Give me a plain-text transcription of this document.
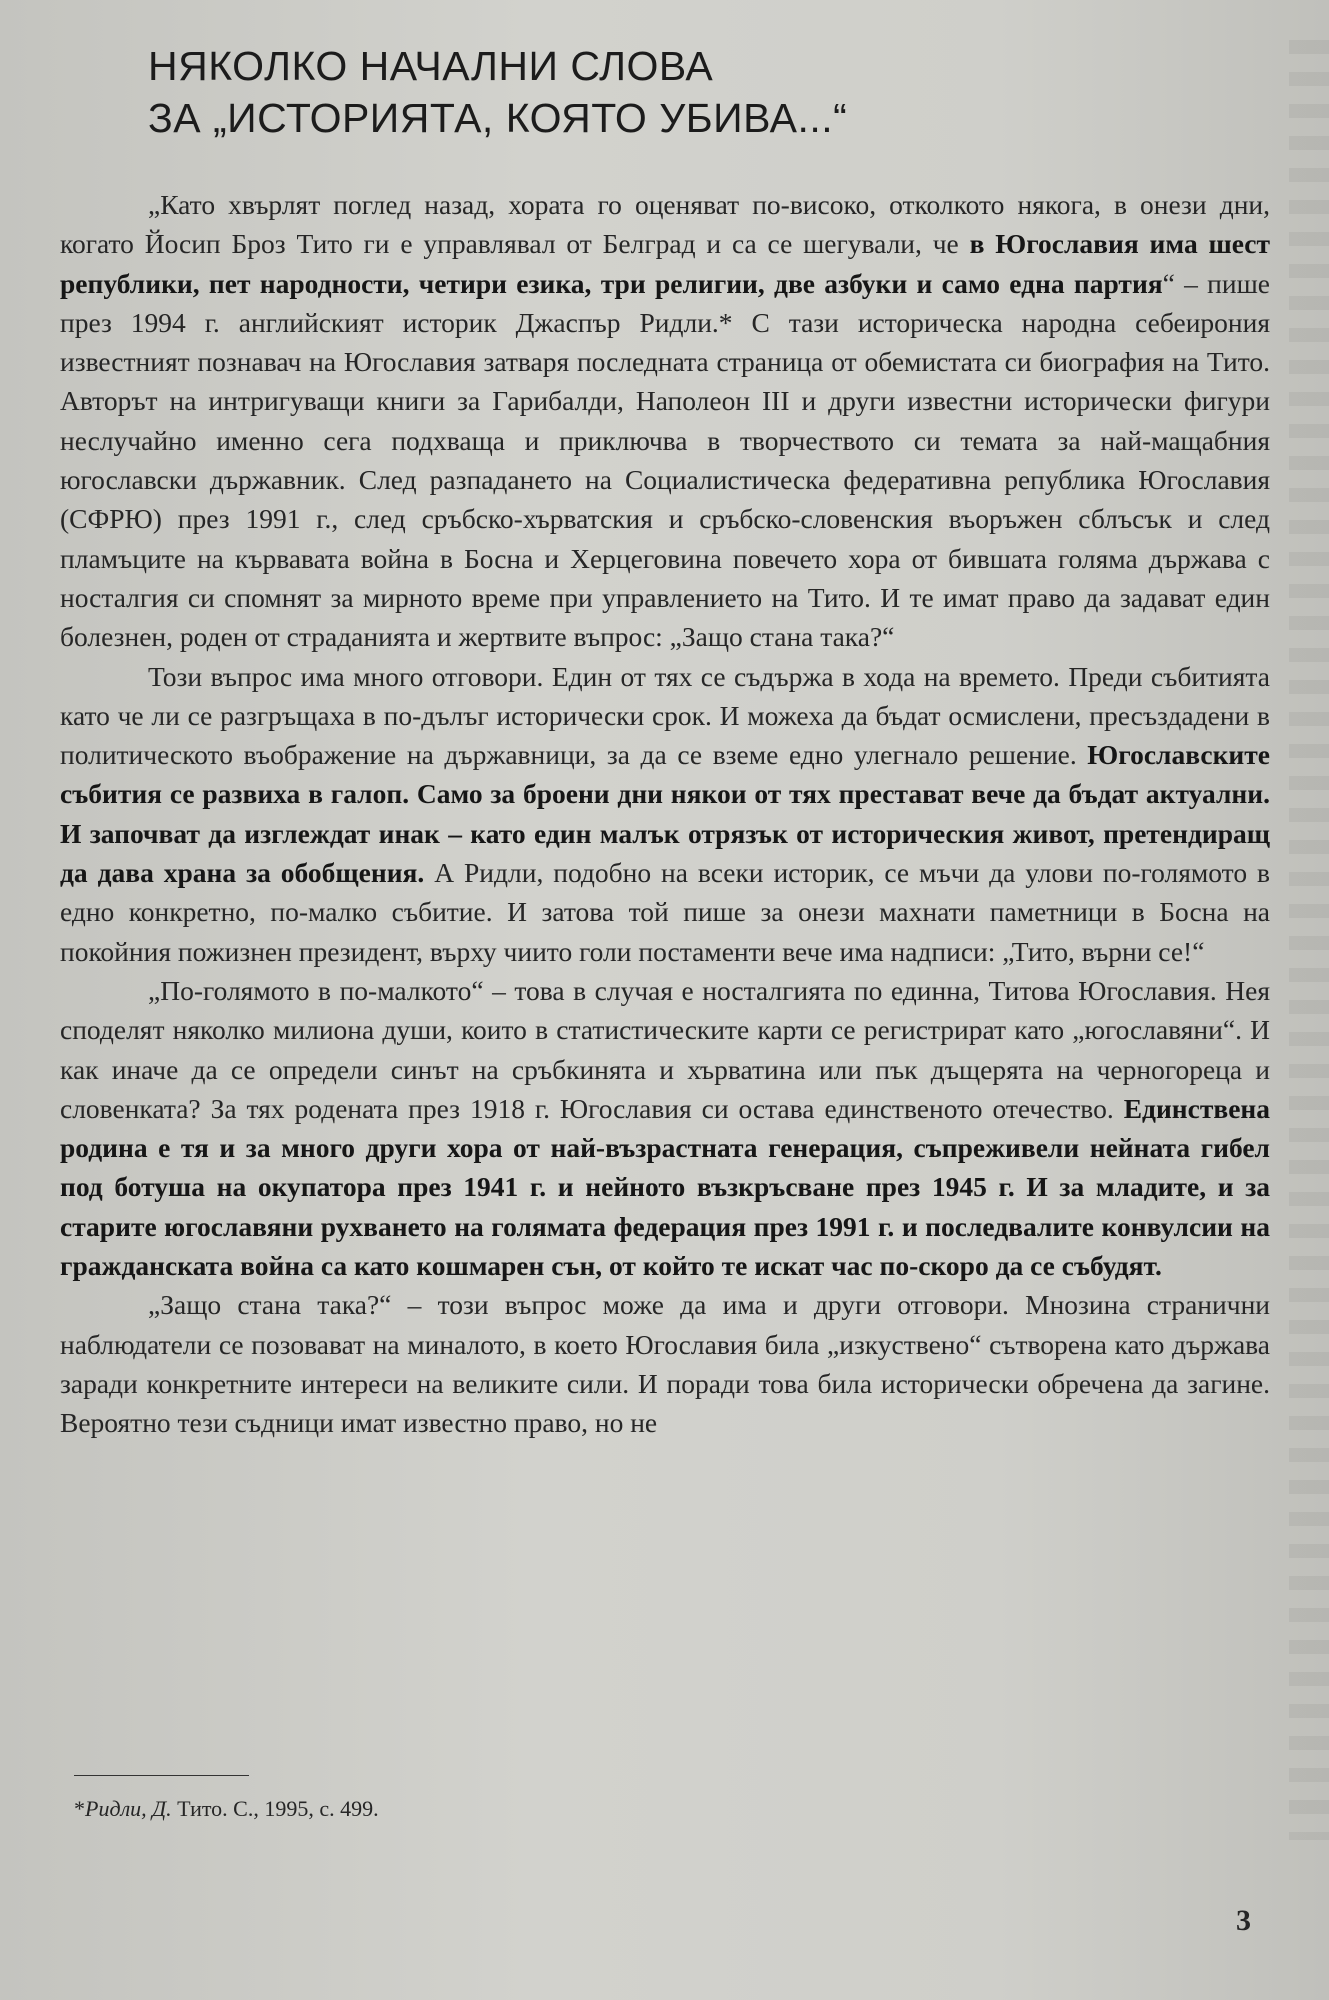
НЯКОЛКО НАЧАЛНИ СЛОВА
ЗА „ИСТОРИЯТА, КОЯТО УБИВА...“

„Като хвърлят поглед назад, хората го оценяват по-високо, отколкото някога, в онези дни, когато Йосип Броз Тито ги е управлявал от Белград и са се шегували, че в Югославия има шест републики, пет народности, четири езика, три религии, две азбуки и само една партия“ – пише през 1994 г. английският историк Джаспър Ридли.* С тази историческа народна себеирония известният познавач на Югославия затваря последната страница от обемистата си биография на Тито. Авторът на интригуващи книги за Гарибалди, Наполеон III и други известни исторически фигури неслучайно именно сега подхваща и приключва в творчеството си темата за най-мащабния югославски държавник. След разпадането на Социалистическа федеративна република Югославия (СФРЮ) през 1991 г., след сръбско-хърватския и сръбско-словенския въоръжен сблъсък и след пламъците на кървавата война в Босна и Херцеговина повечето хора от бившата голяма държава с носталгия си спомнят за мирното време при управлението на Тито. И те имат право да задават един болезнен, роден от страданията и жертвите въпрос: „Защо стана така?“

Този въпрос има много отговори. Един от тях се съдържа в хода на времето. Преди събитията като че ли се разгръщаха в по-дълъг исторически срок. И можеха да бъдат осмислени, пресъздадени в политическото въображение на държавници, за да се вземе едно улегнало решение. Югославските събития се развиха в галоп. Само за броени дни някои от тях престават вече да бъдат актуални. И започват да изглеждат инак – като един малък отрязък от историческия живот, претендиращ да дава храна за обобщения. А Ридли, подобно на всеки историк, се мъчи да улови по-голямото в едно конкретно, по-малко събитие. И затова той пише за онези махнати паметници в Босна на покойния пожизнен президент, върху чиито голи постаменти вече има надписи: „Тито, върни се!“

„По-голямото в по-малкото“ – това в случая е носталгията по единна, Титова Югославия. Нея споделят няколко милиона души, които в статистическите карти се регистрират като „югославяни“. И как иначе да се определи синът на сръбкинята и хърватина или пък дъщерята на черногореца и словенката? За тях родената през 1918 г. Югославия си остава единственото отечество. Единствена родина е тя и за много други хора от най-възрастната генерация, съпреживели нейната гибел под ботуша на окупатора през 1941 г. и нейното възкръсване през 1945 г. И за младите, и за старите югославяни рухването на голямата федерация през 1991 г. и последвалите конвулсии на гражданската война са като кошмарен сън, от който те искат час по-скоро да се събудят.

„Защо стана така?“ – този въпрос може да има и други отговори. Мнозина странични наблюдатели се позовават на миналото, в което Югославия била „изкуствено“ сътворена като държава заради конкретните интереси на великите сили. И поради това била исторически обречена да загине. Вероятно тези съдници имат известно право, но не

*Ридли, Д. Тито. С., 1995, с. 499.
3
